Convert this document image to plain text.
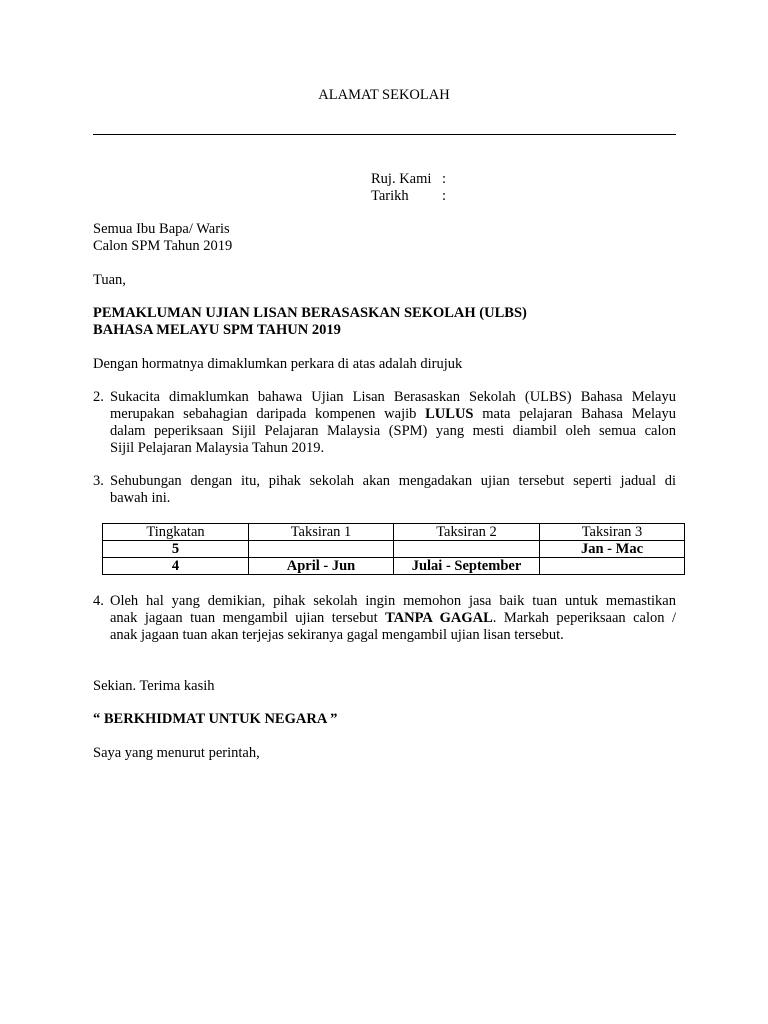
ALAMAT SEKOLAH
Ruj. Kami :
Tarikh :
Semua Ibu Bapa/ Waris
Calon SPM Tahun 2019
Tuan,
PEMAKLUMAN UJIAN LISAN BERASASKAN SEKOLAH (ULBS)
BAHASA MELAYU SPM TAHUN 2019
Dengan hormatnya dimaklumkan perkara di atas adalah dirujuk
2. Sukacita dimaklumkan bahawa Ujian Lisan Berasaskan Sekolah (ULBS) Bahasa Melayu
merupakan sebahagian daripada kompenen wajib LULUS mata pelajaran Bahasa Melayu
dalam peperiksaan Sijil Pelajaran Malaysia (SPM) yang mesti diambil oleh semua calon
Sijil Pelajaran Malaysia Tahun 2019.
3. Sehubungan dengan itu, pihak sekolah akan mengadakan ujian tersebut seperti jadual di
bawah ini.
Tingkatan	Taksiran 1	Taksiran 2	Taksiran 3
5			Jan - Mac
4	April - Jun	Julai - September	
4. Oleh hal yang demikian, pihak sekolah ingin memohon jasa baik tuan untuk memastikan
anak jagaan tuan mengambil ujian tersebut TANPA GAGAL. Markah peperiksaan calon /
anak jagaan tuan akan terjejas sekiranya gagal mengambil ujian lisan tersebut.
Sekian. Terima kasih
“ BERKHIDMAT UNTUK NEGARA ”
Saya yang menurut perintah,
